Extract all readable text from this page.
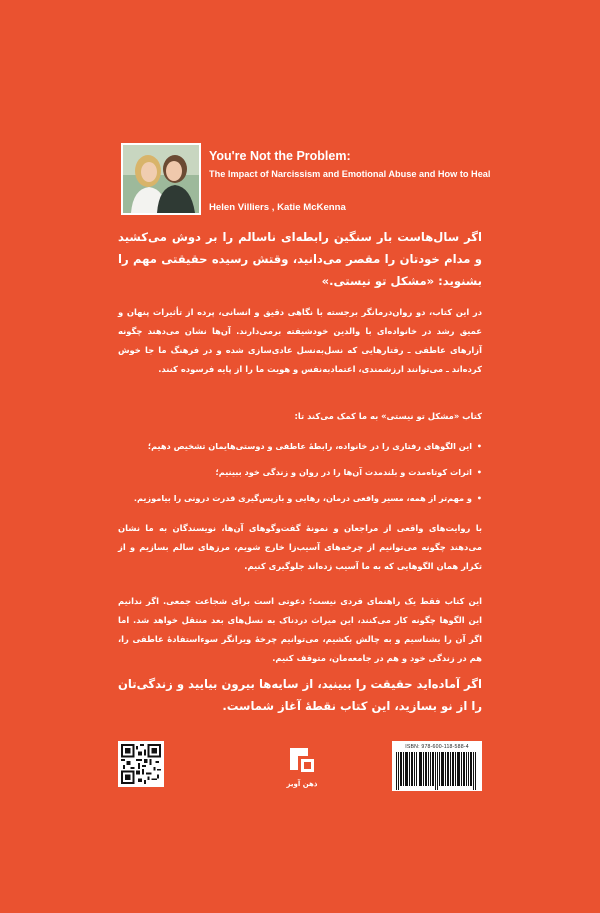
You're Not the Problem:

The Impact of Narcissism and Emotional Abuse and How to Heal

Helen Villiers , Katie McKenna

اگر سال‌هاست بار سنگین رابطه‌ای ناسالم را بر دوش می‌کشید و مدام خودتان را مقصر می‌دانید، وقتش رسیده حقیقتی مهم را بشنوید: «مشکل تو نیستی.»

در این کتاب، دو روان‌درمانگر برجسته با نگاهی دقیق و انسانی، پرده از تأثیرات پنهان و عمیق رشد در خانواده‌ای با والدین خودشیفته برمی‌دارند. آن‌ها نشان می‌دهند چگونه آزارهای عاطفی ـ رفتارهایی که نسل‌به‌نسل عادی‌سازی شده و در فرهنگ ما جا خوش کرده‌اند ـ می‌توانند ارزشمندی، اعتمادبه‌نفس و هویت ما را از پایه فرسوده کنند.

کتاب «مشکل تو نیستی» به ما کمک می‌کند تا:

•
این الگوهای رفتاری را در خانواده، رابطهٔ عاطفی و دوستی‌هایمان تشخیص دهیم؛
•
اثرات کوتاه‌مدت و بلندمدت آن‌ها را در روان و زندگی خود ببینیم؛
•
و مهم‌تر از همه، مسیر واقعی درمان، رهایی و بازپس‌گیری قدرت درونی را بیاموزیم.

با روایت‌های واقعی از مراجعان و نمونهٔ گفت‌وگوهای آن‌ها، نویسندگان به ما نشان می‌دهند چگونه می‌توانیم از چرخه‌های آسیب‌زا خارج شویم، مرزهای سالم بسازیم و از تکرار همان الگوهایی که به ما آسیب زده‌اند جلوگیری کنیم.

این کتاب فقط یک راهنمای فردی نیست؛ دعوتی است برای شجاعت جمعی. اگر ندانیم این الگوها چگونه کار می‌کنند، این میراث دردناک به نسل‌های بعد منتقل خواهد شد. اما اگر آن را بشناسیم و به چالش بکشیم، می‌توانیم چرخهٔ ویرانگر سوءاستفادهٔ عاطفی را، هم در زندگی خود و هم در جامعه‌مان، متوقف کنیم.

اگر آماده‌اید حقیقت را ببینید، از سایه‌ها بیرون بیایید و زندگی‌تان را از نو بسازید، این کتاب نقطهٔ آغاز شماست.

ذهن آویز
ISBN: 978-600-118-588-4
